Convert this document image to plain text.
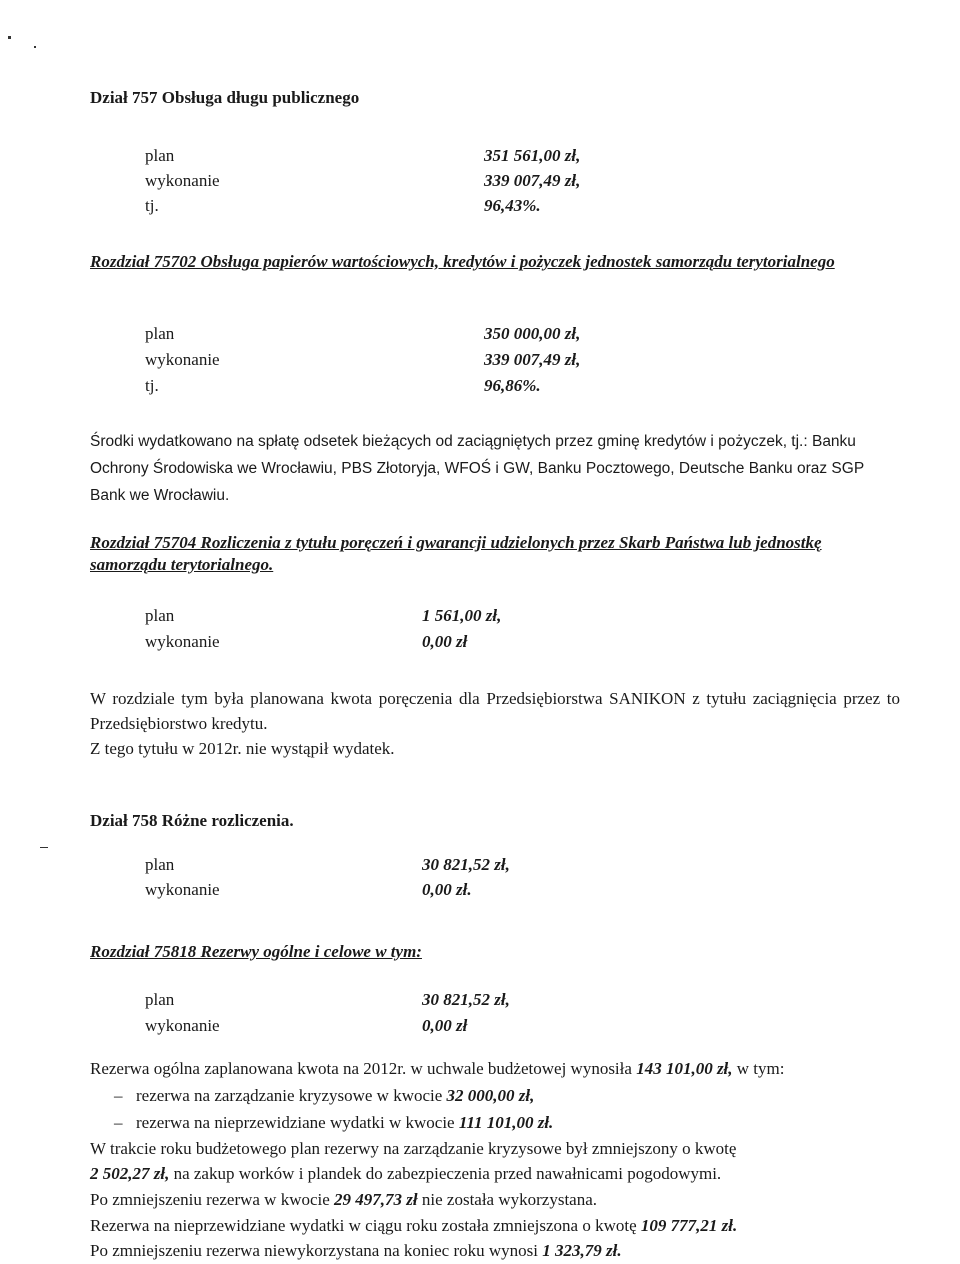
Dział 757 Obsługa długu publicznego
plan	351 561,00 zł,
wykonanie	339 007,49 zł,
tj.	96,43%.
Rozdział 75702 Obsługa papierów wartościowych, kredytów i pożyczek jednostek samorządu terytorialnego
plan	350 000,00 zł,
wykonanie	339 007,49 zł,
tj.	96,86%.
Środki wydatkowano na spłatę odsetek bieżących od zaciągniętych przez gminę kredytów i pożyczek, tj.: Banku Ochrony Środowiska we Wrocławiu, PBS Złotoryja, WFOŚ i GW, Banku Pocztowego, Deutsche Banku oraz SGP Bank we Wrocławiu.
Rozdział 75704 Rozliczenia z tytułu poręczeń i gwarancji udzielonych przez Skarb Państwa lub jednostkę samorządu terytorialnego.
plan	1 561,00 zł,
wykonanie	0,00 zł
W rozdziale tym była planowana kwota poręczenia dla Przedsiębiorstwa SANIKON z tytułu zaciągnięcia przez to Przedsiębiorstwo kredytu.
Z tego tytułu w 2012r. nie wystąpił wydatek.
Dział 758 Różne rozliczenia.
plan	30 821,52 zł,
wykonanie	0,00 zł.
Rozdział 75818 Rezerwy ogólne i celowe w tym:
plan	30 821,52 zł,
wykonanie	0,00 zł
Rezerwa ogólna zaplanowana kwota na 2012r. w uchwale budżetowej wynosiła 143 101,00 zł, w tym:
– rezerwa na zarządzanie kryzysowe w kwocie 32 000,00 zł,
– rezerwa na nieprzewidziane wydatki w kwocie 111 101,00 zł.
W trakcie roku budżetowego plan rezerwy na zarządzanie kryzysowe był zmniejszony o kwotę
2 502,27 zł, na zakup worków i plandek do zabezpieczenia przed nawałnicami pogodowymi.
Po zmniejszeniu rezerwa w kwocie 29 497,73 zł nie została wykorzystana.
Rezerwa na nieprzewidziane wydatki w ciągu roku została zmniejszona o kwotę 109 777,21 zł.
Po zmniejszeniu rezerwa niewykorzystana na koniec roku wynosi 1 323,79 zł.
